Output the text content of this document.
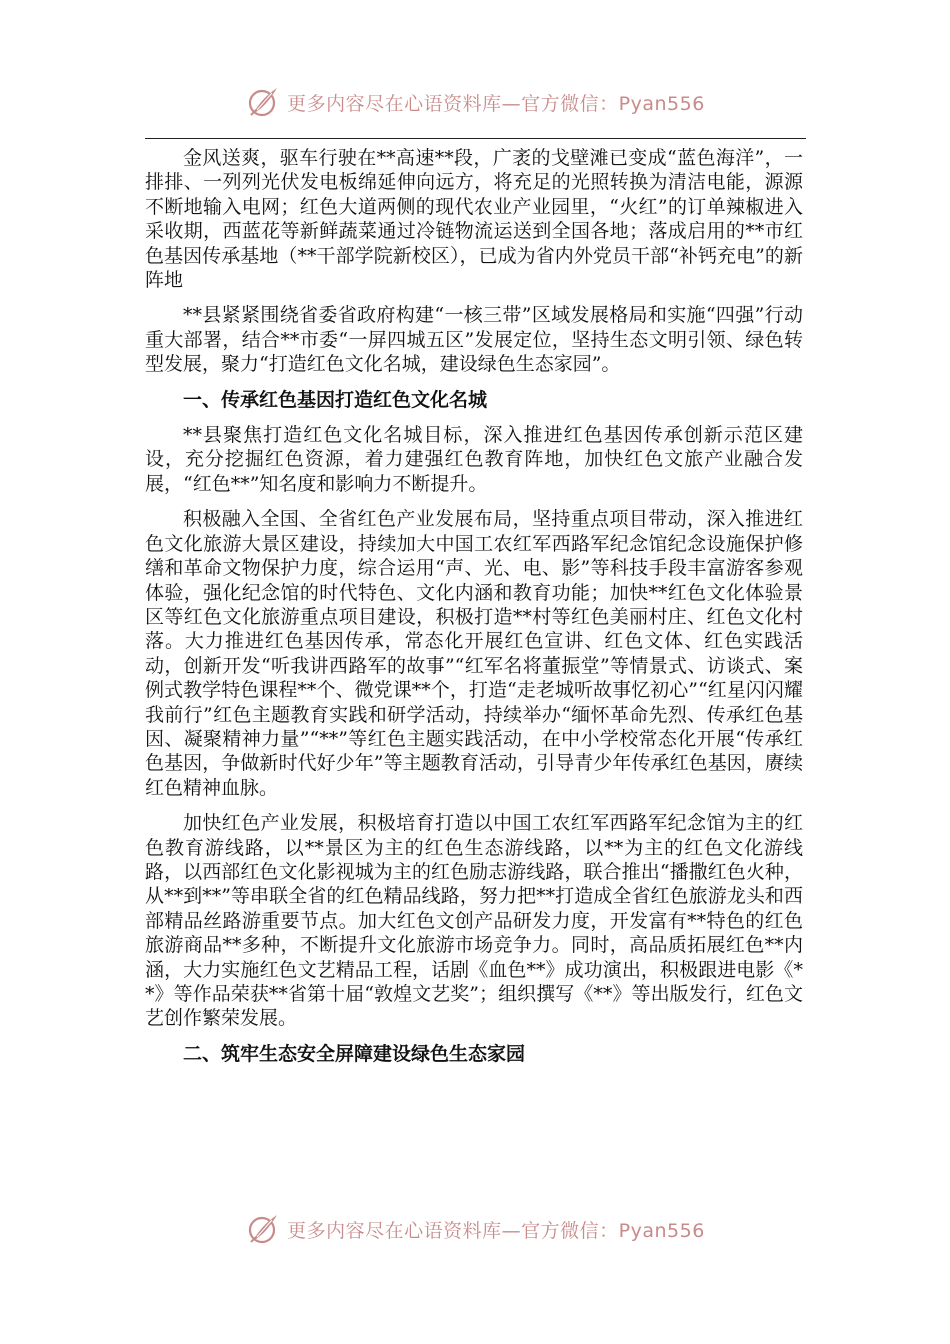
更多内容尽在心语资料库—官方微信：Pyan556

金风送爽，驱车行驶在**高速**段，广袤的戈壁滩已变成“蓝色海洋”，一排排、一列列光伏发电板绵延伸向远方，将充足的光照转换为清洁电能，源源不断地输入电网；红色大道两侧的现代农业产业园里，“火红”的订单辣椒进入采收期，西蓝花等新鲜蔬菜通过冷链物流运送到全国各地；落成启用的**市红色基因传承基地（**干部学院新校区），已成为省内外党员干部“补钙充电”的新阵地

**县紧紧围绕省委省政府构建“一核三带”区域发展格局和实施“四强”行动重大部署，结合**市委“一屏四城五区”发展定位，坚持生态文明引领、绿色转型发展，聚力“打造红色文化名城，建设绿色生态家园”。

一、传承红色基因打造红色文化名城

**县聚焦打造红色文化名城目标，深入推进红色基因传承创新示范区建设，充分挖掘红色资源，着力建强红色教育阵地，加快红色文旅产业融合发展，“红色**”知名度和影响力不断提升。

积极融入全国、全省红色产业发展布局，坚持重点项目带动，深入推进红色文化旅游大景区建设，持续加大中国工农红军西路军纪念馆纪念设施保护修缮和革命文物保护力度，综合运用“声、光、电、影”等科技手段丰富游客参观体验，强化纪念馆的时代特色、文化内涵和教育功能；加快**红色文化体验景区等红色文化旅游重点项目建设，积极打造**村等红色美丽村庄、红色文化村落。大力推进红色基因传承，常态化开展红色宣讲、红色文体、红色实践活动，创新开发“听我讲西路军的故事”“红军名将董振堂”等情景式、访谈式、案例式教学特色课程**个、微党课**个，打造“走老城听故事忆初心”“红星闪闪耀我前行”红色主题教育实践和研学活动，持续举办“缅怀革命先烈、传承红色基因、凝聚精神力量”“**”等红色主题实践活动，在中小学校常态化开展“传承红色基因，争做新时代好少年”等主题教育活动，引导青少年传承红色基因，赓续红色精神血脉。

加快红色产业发展，积极培育打造以中国工农红军西路军纪念馆为主的红色教育游线路，以**景区为主的红色生态游线路，以**为主的红色文化游线路，以西部红色文化影视城为主的红色励志游线路，联合推出“播撒红色火种，从**到**”等串联全省的红色精品线路，努力把**打造成全省红色旅游龙头和西部精品丝路游重要节点。加大红色文创产品研发力度，开发富有**特色的红色旅游商品**多种，不断提升文化旅游市场竞争力。同时，高品质拓展红色**内涵，大力实施红色文艺精品工程，话剧《血色**》成功演出，积极跟进电影《**》等作品荣获**省第十届“敦煌文艺奖”；组织撰写《**》等出版发行，红色文艺创作繁荣发展。

二、筑牢生态安全屏障建设绿色生态家园

更多内容尽在心语资料库—官方微信：Pyan556
